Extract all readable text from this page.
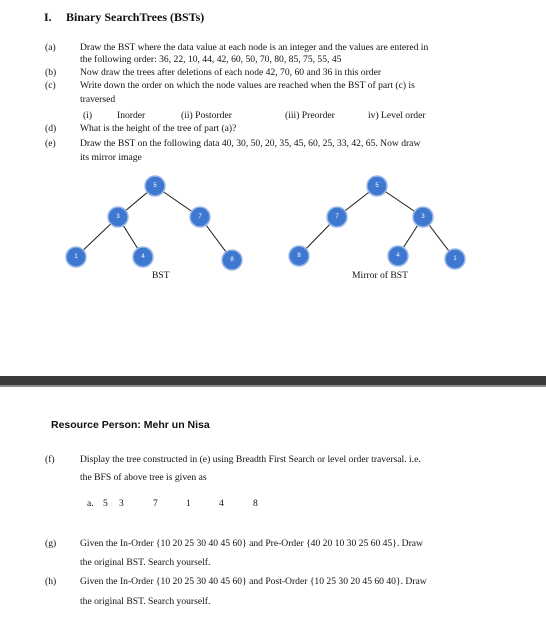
I. Binary SearchTrees (BSTs)
(a)	Draw the BST where the data value at each node is an integer and the values are entered in
the following order: 36, 22, 10, 44, 42, 60, 50, 70, 80, 85, 75, 55, 45
(b) Now draw the trees after deletions of each node 42, 70, 60 and 36 in this order
(c)	Write down the order on which the node values are reached when the BST of part (c) is
traversed
(i)	Inorder	(ii) Postorder	(iii) Preorder	iv) Level order
(d) What is the height of the tree of part (a)?
(e)	Draw the BST on the following data 40, 30, 50, 20, 35, 45, 60, 25, 33, 42, 65. Now draw
its mirror image
5
3	7
1	4	8
BST
5
7	3
8	4	1
Mirror of BST
Resource Person: Mehr un Nisa
(f)	Display the tree constructed in (e) using Breadth First Search or level order traversal. i.e.
the BFS of above tree is given as
a. 5 3	7	1	4	8
(g) Given the In-Order {10 20 25 30 40 45 60} and Pre-Order {40 20 10 30 25 60 45}. Draw
the original BST. Search yourself.
(h) Given the In-Order {10 20 25 30 40 45 60} and Post-Order {10 25 30 20 45 60 40}. Draw
the original BST. Search yourself.
